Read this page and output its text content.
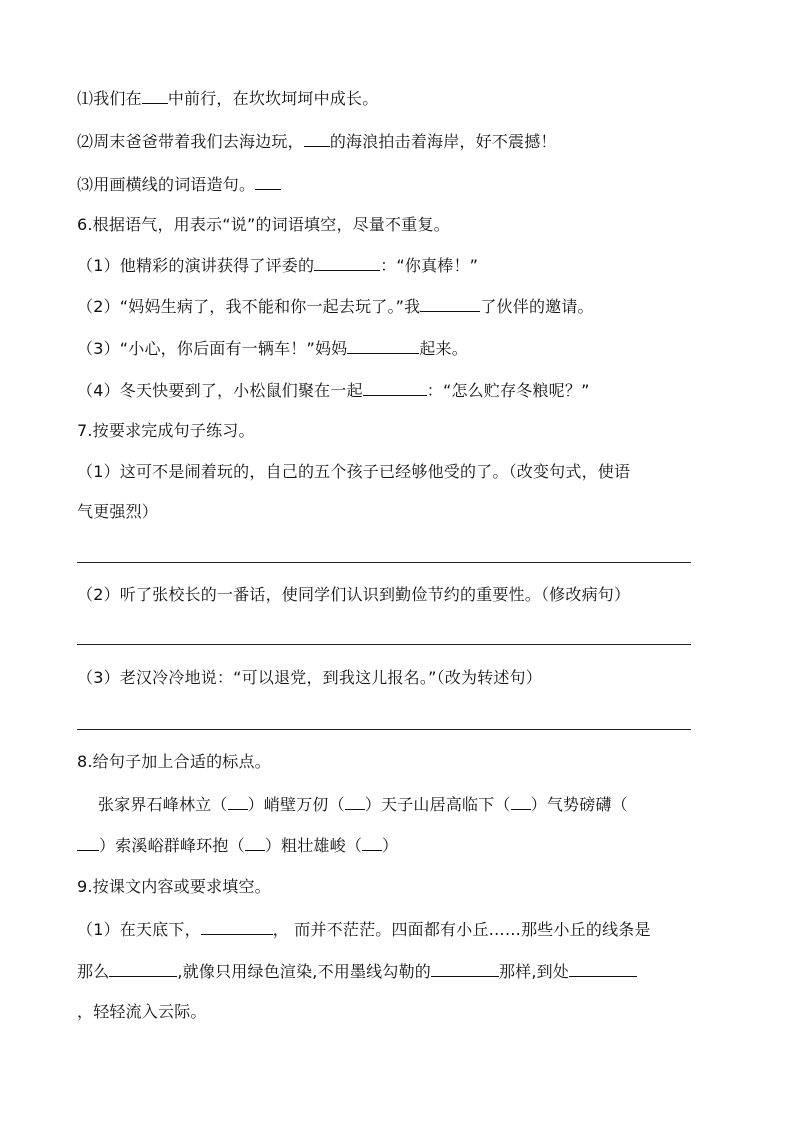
⑴我们在 中前行，在坎坎坷坷中成长。
⑵周末爸爸带着我们去海边玩， 的海浪拍击着海岸，好不震撼！
⑶用画横线的词语造句。
6.根据语气，用表示“说”的词语填空，尽量不重复。
（1）他精彩的演讲获得了评委的	：“你真棒！”
（2）“妈妈生病了，我不能和你一起去玩了。”我	了伙伴的邀请。
（3）“小心，你后面有一辆车！”妈妈	起来。
（4）冬天快要到了，小松鼠们聚在一起	：“怎么贮存冬粮呢？”
7.按要求完成句子练习。
（1）这可不是闹着玩的，自己的五个孩子已经够他受的了。（改变句式，使语
气更强烈）
（2）听了张校长的一番话，使同学们认识到勤俭节约的重要性。（修改病句）
（3）老汉冷冷地说：“可以退党，到我这儿报名。”（改为转述句）
8.给句子加上合适的标点。
张家界石峰林立（ ）峭壁万仞（ ）天子山居高临下（ ）气势磅礴（
）索溪峪群峰环抱（ ）粗壮雄峻（ ）
9.按课文内容或要求填空。
（1）在天底下，	， 而并不茫茫。四面都有小丘……那些小丘的线条是
那么	,就像只用绿色渲染,不用墨线勾勒的	那样,到处
，轻轻流入云际。
